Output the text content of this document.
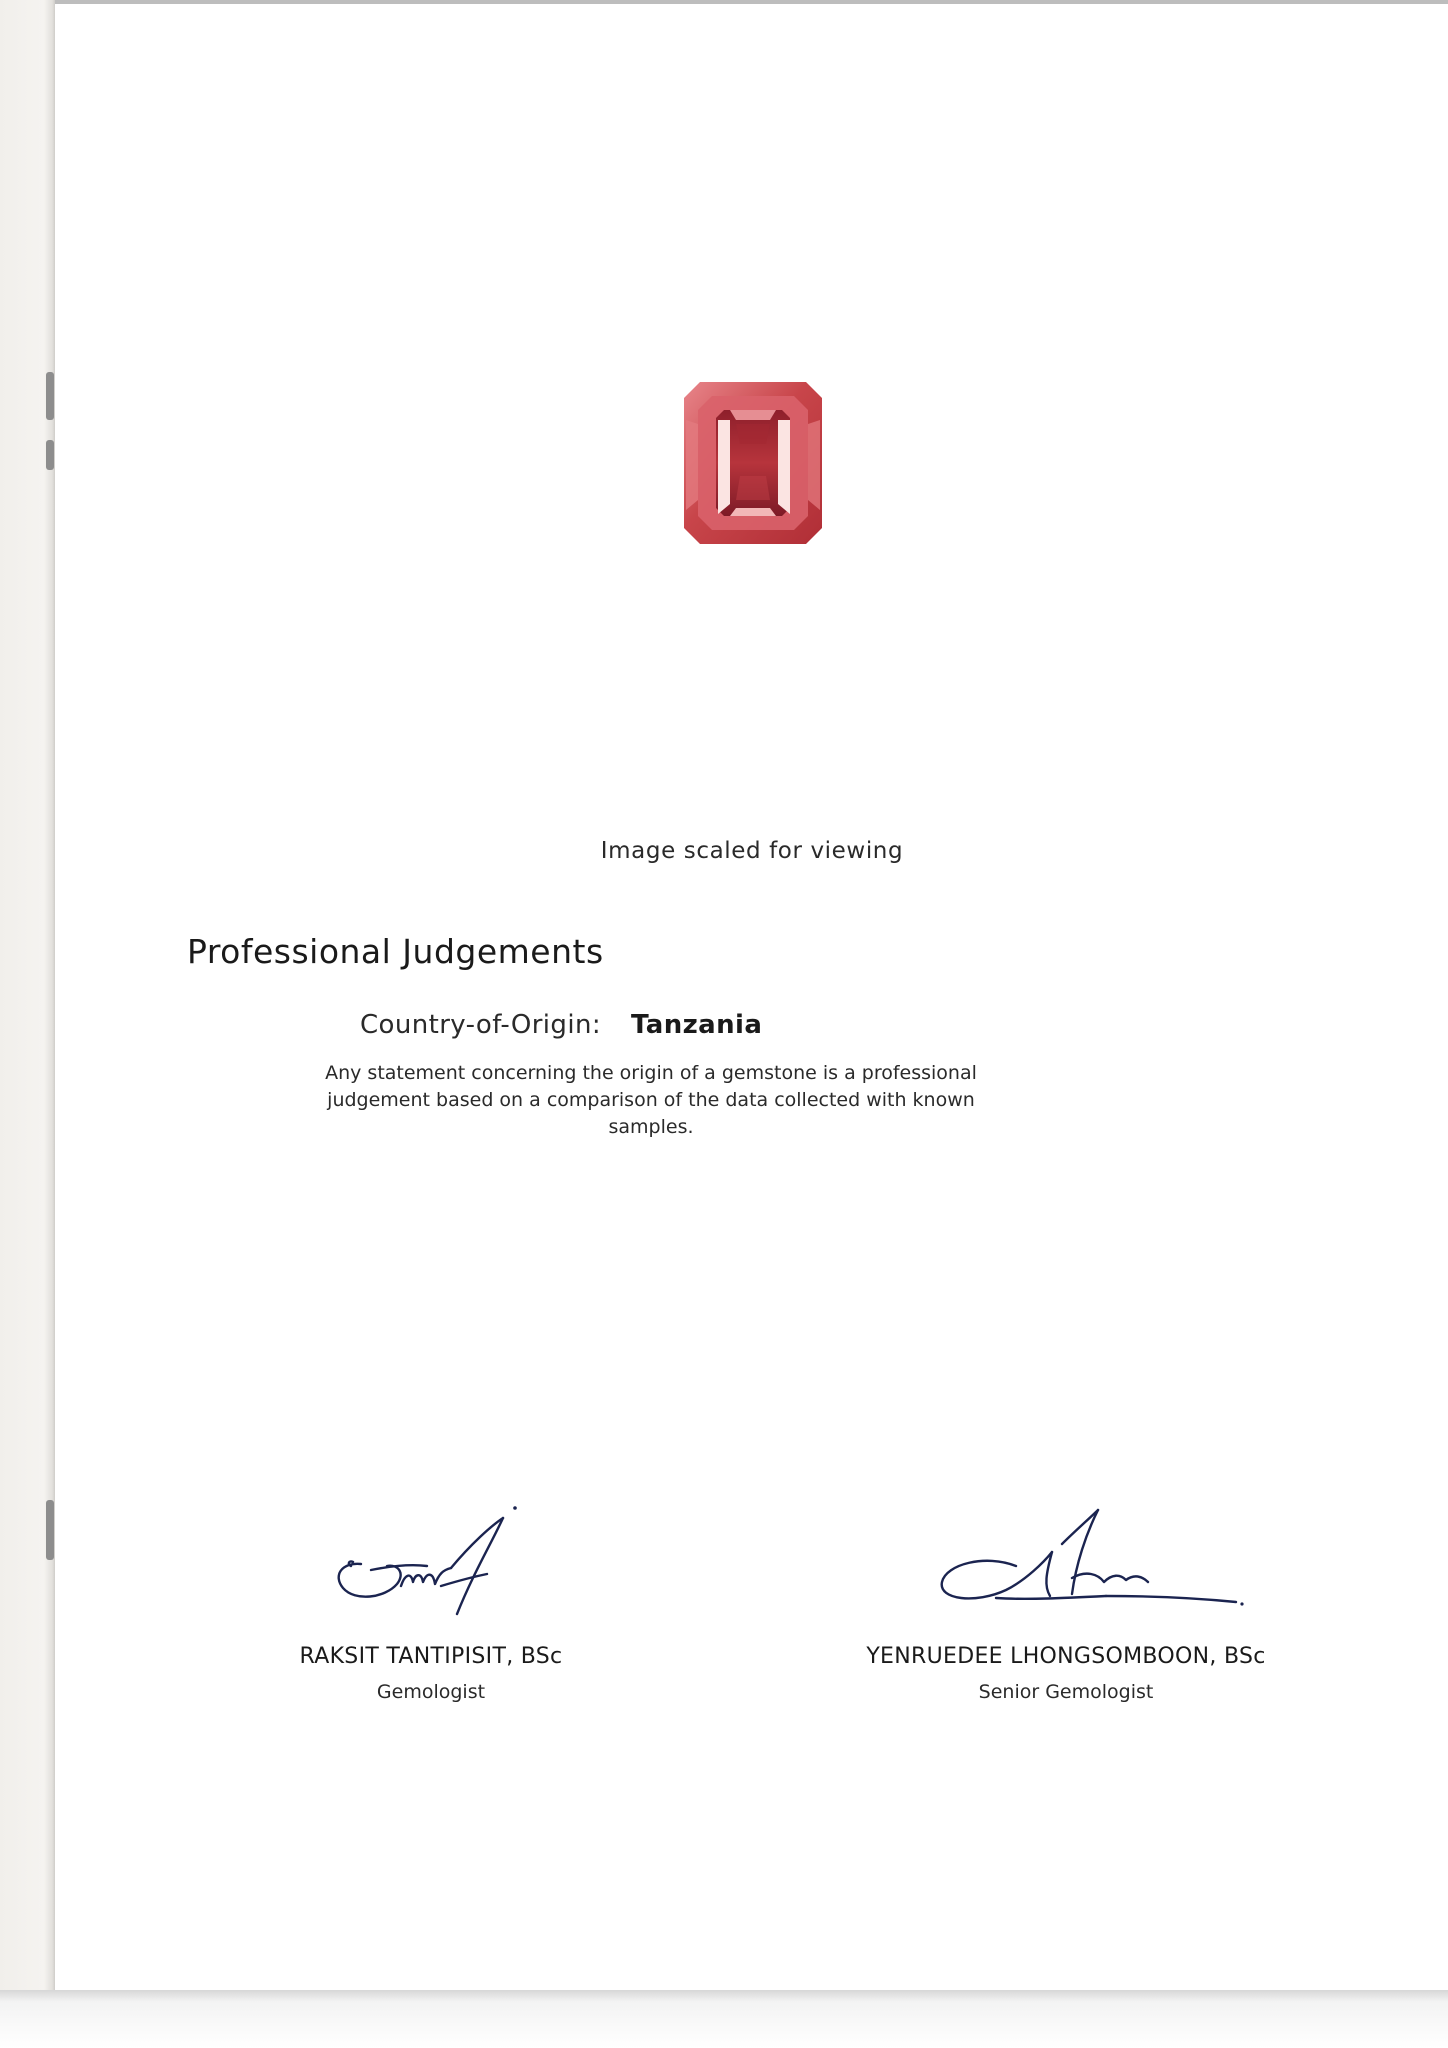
Image scaled for viewing
Professional Judgements
Country-of-Origin: Tanzania
Any statement concerning the origin of a gemstone is a professional judgement based on a comparison of the data collected with known samples.
RAKSIT TANTIPISIT, BSc
Gemologist
YENRUEDEE LHONGSOMBOON, BSc
Senior Gemologist
